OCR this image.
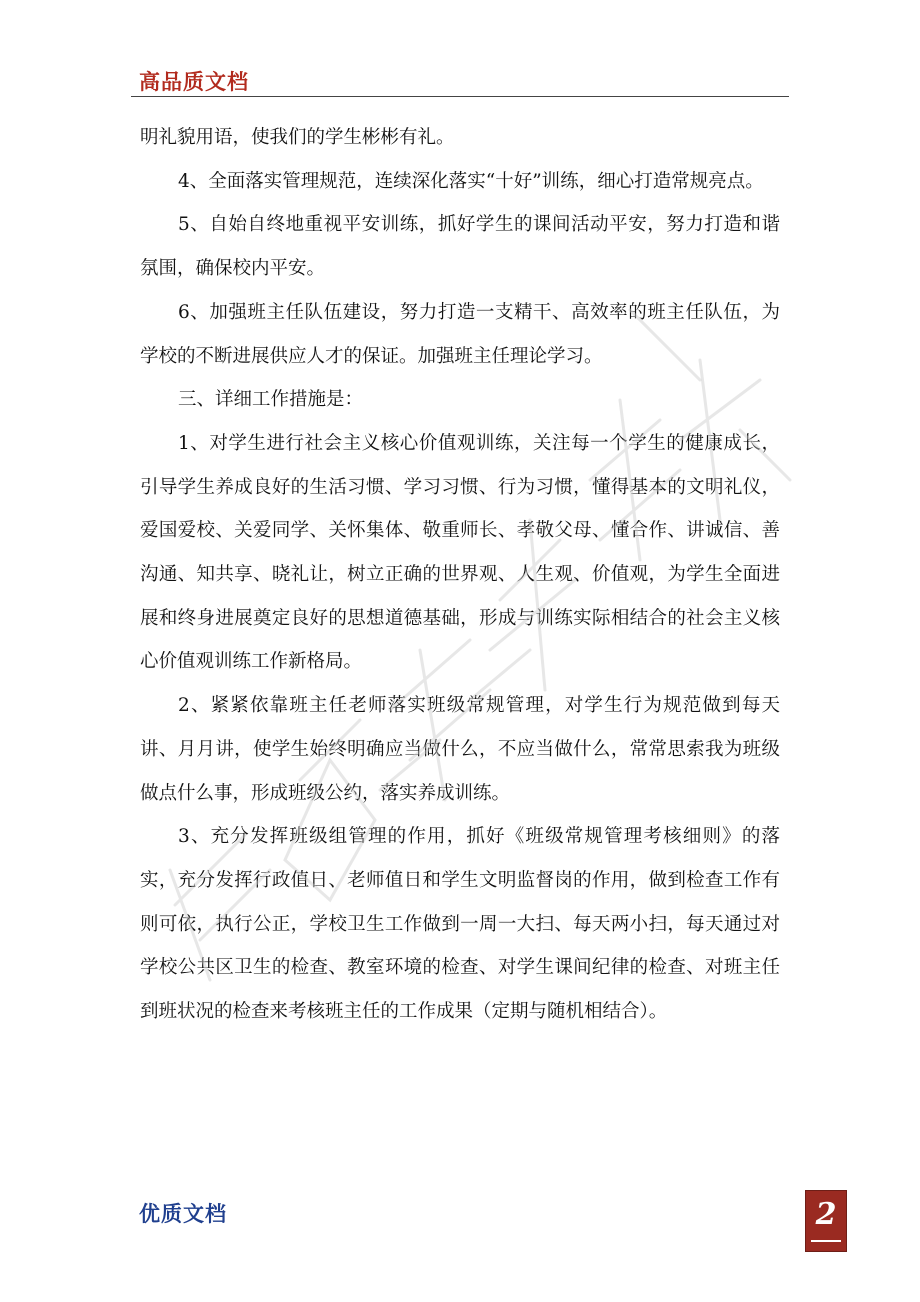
高品质文档

明礼貌用语，使我们的学生彬彬有礼。

4、全面落实管理规范，连续深化落实“十好”训练，细心打造常规亮点。

5、自始自终地重视平安训练，抓好学生的课间活动平安，努力打造和谐氛围，确保校内平安。

6、加强班主任队伍建设，努力打造一支精干、高效率的班主任队伍，为学校的不断进展供应人才的保证。加强班主任理论学习。

三、详细工作措施是：

1、对学生进行社会主义核心价值观训练，关注每一个学生的健康成长，引导学生养成良好的生活习惯、学习习惯、行为习惯，懂得基本的文明礼仪，爱国爱校、关爱同学、关怀集体、敬重师长、孝敬父母、懂合作、讲诚信、善沟通、知共享、晓礼让，树立正确的世界观、人生观、价值观，为学生全面进展和终身进展奠定良好的思想道德基础，形成与训练实际相结合的社会主义核心价值观训练工作新格局。

2、紧紧依靠班主任老师落实班级常规管理，对学生行为规范做到每天讲、月月讲，使学生始终明确应当做什么，不应当做什么，常常思索我为班级做点什么事，形成班级公约，落实养成训练。

3、充分发挥班级组管理的作用，抓好《班级常规管理考核细则》的落实，充分发挥行政值日、老师值日和学生文明监督岗的作用，做到检查工作有则可依，执行公正，学校卫生工作做到一周一大扫、每天两小扫，每天通过对学校公共区卫生的检查、教室环境的检查、对学生课间纪律的检查、对班主任到班状况的检查来考核班主任的工作成果（定期与随机相结合）。

优质文档	2
